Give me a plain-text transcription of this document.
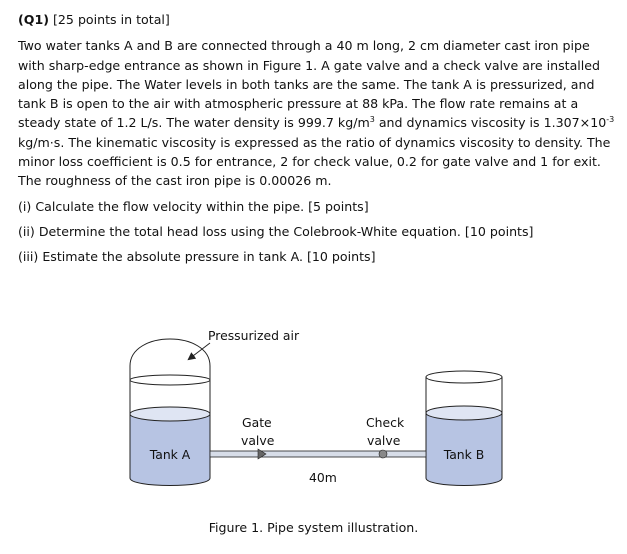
(Q1) [25 points in total]
Two water tanks A and B are connected through a 40 m long, 2 cm diameter cast iron pipe with sharp-edge entrance as shown in Figure 1. A gate valve and a check valve are installed along the pipe. The Water levels in both tanks are the same. The tank A is pressurized, and tank B is open to the air with atmospheric pressure at 88 kPa. The flow rate remains at a steady state of 1.2 L/s. The water density is 999.7 $kg/m^3$ and dynamics viscosity is $1.307\times 10^{-3}$ kg/m·s. The kinematic viscosity is expressed as the ratio of dynamics viscosity to density. The minor loss coefficient is 0.5 for entrance, 2 for check value, 0.2 for gate valve and 1 for exit. The roughness of the cast iron pipe is 0.00026 m.
(i) Calculate the flow velocity within the pipe. [5 points]
(ii) Determine the total head loss using the Colebrook-White equation. [10 points]
(iii) Estimate the absolute pressure in tank A. [10 points]
Tank A	Tank B
Pressurized air
Gate
valve
Check
valve
40m
Figure 1. Pipe system illustration.
